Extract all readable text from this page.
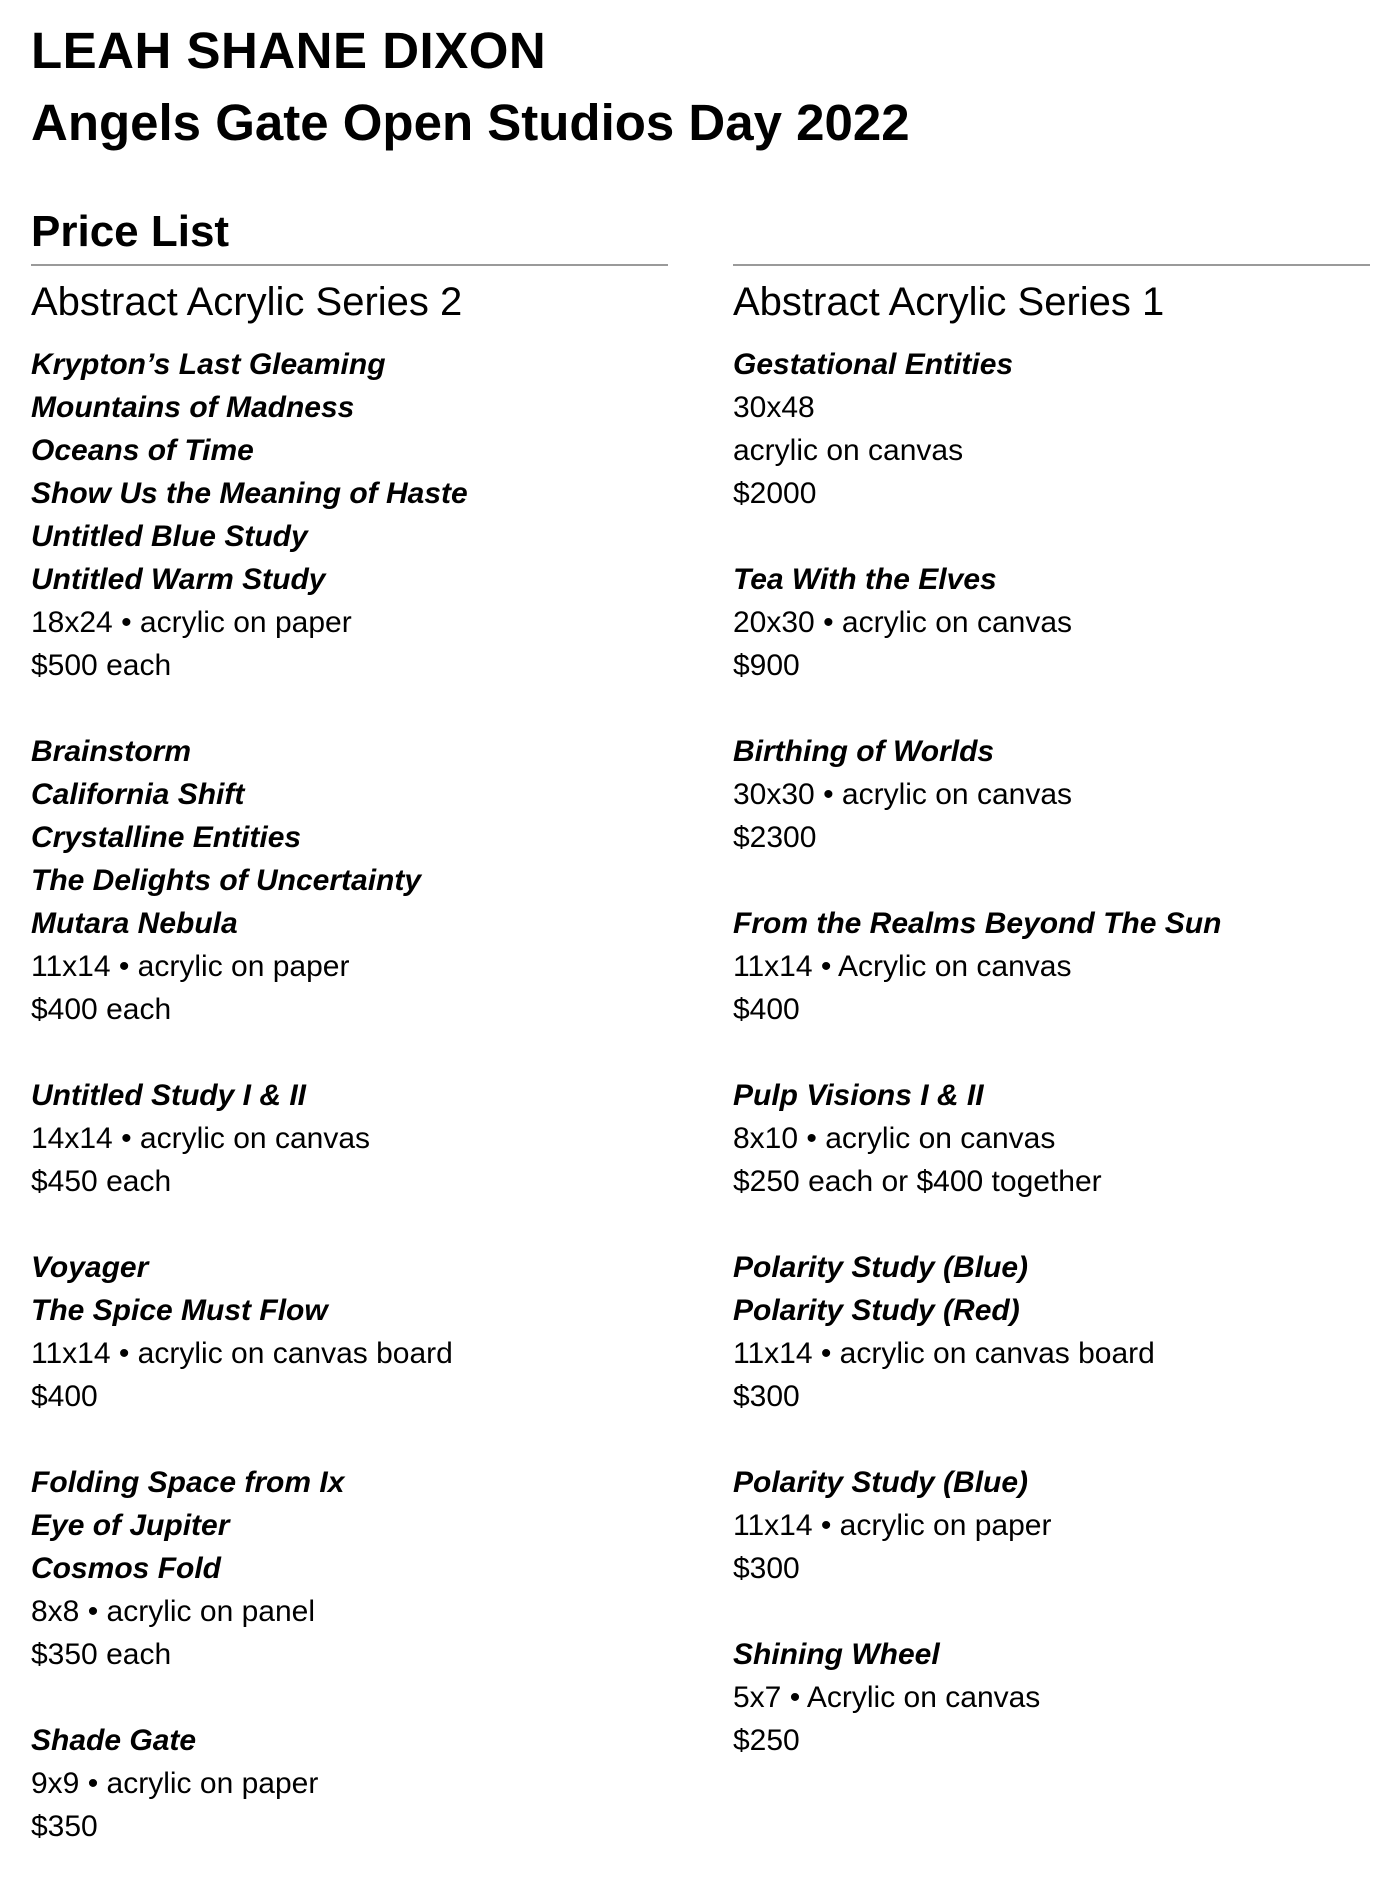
LEAH SHANE DIXON
Angels Gate Open Studios Day 2022
Price List
Abstract Acrylic Series 2
Krypton’s Last Gleaming
Mountains of Madness
Oceans of Time
Show Us the Meaning of Haste
Untitled Blue Study
Untitled Warm Study
18x24 • acrylic on paper
$500 each
Brainstorm
California Shift
Crystalline Entities
The Delights of Uncertainty
Mutara Nebula
11x14 • acrylic on paper
$400 each
Untitled Study I & II
14x14 • acrylic on canvas
$450 each
Voyager
The Spice Must Flow
11x14 • acrylic on canvas board
$400
Folding Space from Ix
Eye of Jupiter
Cosmos Fold
8x8 • acrylic on panel
$350 each
Shade Gate
9x9 • acrylic on paper
$350
Abstract Acrylic Series 1
Gestational Entities
30x48
acrylic on canvas
$2000
Tea With the Elves
20x30 • acrylic on canvas
$900
Birthing of Worlds
30x30 • acrylic on canvas
$2300
From the Realms Beyond The Sun
11x14 • Acrylic on canvas
$400
Pulp Visions I & II
8x10 • acrylic on canvas
$250 each or $400 together
Polarity Study (Blue)
Polarity Study (Red)
11x14 • acrylic on canvas board
$300
Polarity Study (Blue)
11x14 • acrylic on paper
$300
Shining Wheel
5x7 • Acrylic on canvas
$250
